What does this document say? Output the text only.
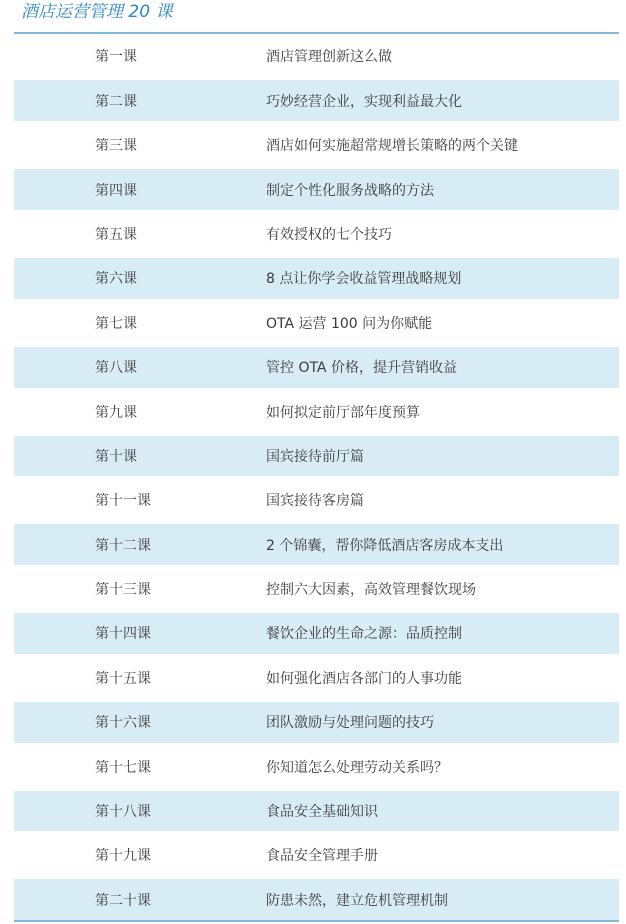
酒店运营管理 20 课
第一课	酒店管理创新这么做
第二课	巧妙经营企业，实现利益最大化
第三课	酒店如何实施超常规增长策略的两个关键
第四课	制定个性化服务战略的方法
第五课	有效授权的七个技巧
第六课	8 点让你学会收益管理战略规划
第七课	OTA 运营 100 问为你赋能
第八课	管控 OTA 价格，提升营销收益
第九课	如何拟定前厅部年度预算
第十课	国宾接待前厅篇
第十一课	国宾接待客房篇
第十二课	2 个锦囊，帮你降低酒店客房成本支出
第十三课	控制六大因素，高效管理餐饮现场
第十四课	餐饮企业的生命之源：品质控制
第十五课	如何强化酒店各部门的人事功能
第十六课	团队激励与处理问题的技巧
第十七课	你知道怎么处理劳动关系吗？
第十八课	食品安全基础知识
第十九课	食品安全管理手册
第二十课	防患未然，建立危机管理机制
